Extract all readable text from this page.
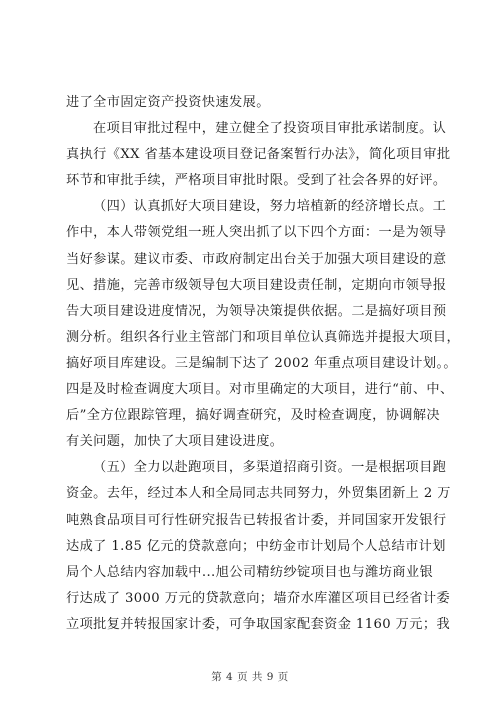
进了全市固定资产投资快速发展。
在项目审批过程中，建立健全了投资项目审批承诺制度。认
真执行《XX 省基本建设项目登记备案暂行办法》，简化项目审批
环节和审批手续，严格项目审批时限。受到了社会各界的好评。
（四）认真抓好大项目建设，努力培植新的经济增长点。工
作中，本人带领党组一班人突出抓了以下四个方面：一是为领导
当好参谋。建议市委、市政府制定出台关于加强大项目建设的意
见、措施，完善市级领导包大项目建设责任制，定期向市领导报
告大项目建设进度情况，为领导决策提供依据。二是搞好项目预
测分析。组织各行业主管部门和项目单位认真筛选并提报大项目，
搞好项目库建设。三是编制下达了 2002 年重点项目建设计划。。
四是及时检查调度大项目。对市里确定的大项目，进行“前、中、
后”全方位跟踪管理，搞好调查研究，及时检查调度，协调解决
有关问题，加快了大项目建设进度。
（五）全力以赴跑项目，多渠道招商引资。一是根据项目跑
资金。去年，经过本人和全局同志共同努力，外贸集团新上 2 万
吨熟食品项目可行性研究报告已转报省计委，并同国家开发银行
达成了 1.85 亿元的贷款意向；中纺金市计划局个人总结市计划
局个人总结内容加载中...旭公司精纺纱锭项目也与潍坊商业银
行达成了 3000 万元的贷款意向；墙夼水库灌区项目已经省计委
立项批复并转报国家计委，可争取国家配套资金 1160 万元；我
第 4 页 共 9 页
